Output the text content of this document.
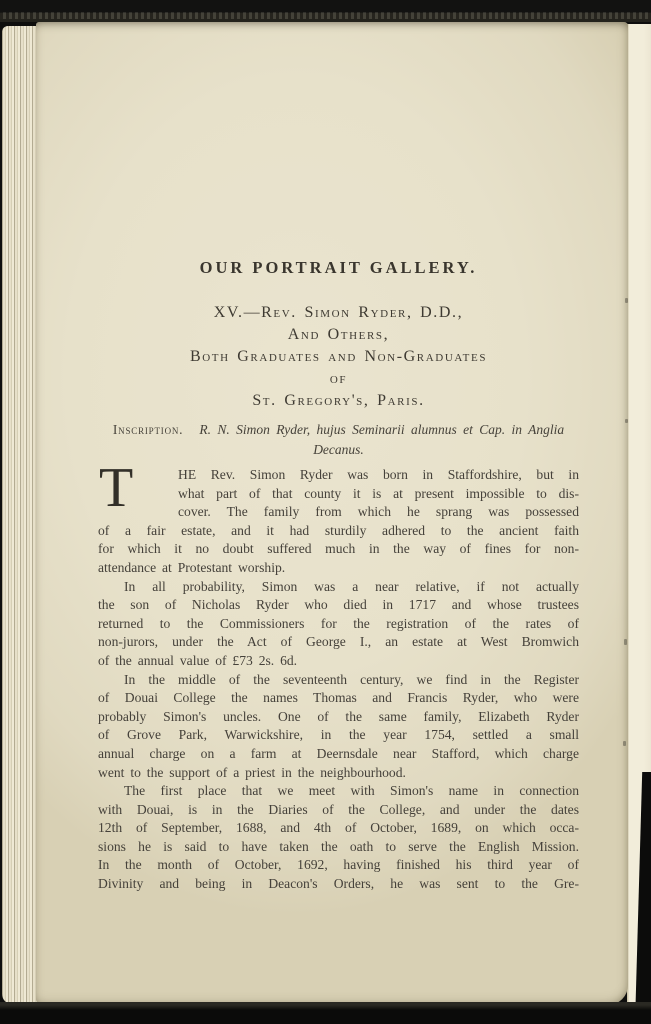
OUR PORTRAIT GALLERY.
XV.—Rev. Simon Ryder, D.D.,
And Others,
Both Graduates and Non-Graduates
of
St. Gregory's, Paris.
Inscription. R. N. Simon Ryder, hujus Seminarii alumnus et Cap. in Anglia
Decanus.
T	HE Rev. Simon Ryder was born in Staffordshire, but in
what part of that county it is at present impossible to dis-
cover. The family from which he sprang was possessed
of a fair estate, and it had sturdily adhered to the ancient faith
for which it no doubt suffered much in the way of fines for non-
attendance at Protestant worship.
In all probability, Simon was a near relative, if not actually
the son of Nicholas Ryder who died in 1717 and whose trustees
returned to the Commissioners for the registration of the rates of
non-jurors, under the Act of George I., an estate at West Bromwich
of the annual value of £73 2s. 6d.
In the middle of the seventeenth century, we find in the Register
of Douai College the names Thomas and Francis Ryder, who were
probably Simon's uncles. One of the same family, Elizabeth Ryder
of Grove Park, Warwickshire, in the year 1754, settled a small
annual charge on a farm at Deernsdale near Stafford, which charge
went to the support of a priest in the neighbourhood.
The first place that we meet with Simon's name in connection
with Douai, is in the Diaries of the College, and under the dates
12th of September, 1688, and 4th of October, 1689, on which occa-
sions he is said to have taken the oath to serve the English Mission.
In the month of October, 1692, having finished his third year of
Divinity and being in Deacon's Orders, he was sent to the Gre-
